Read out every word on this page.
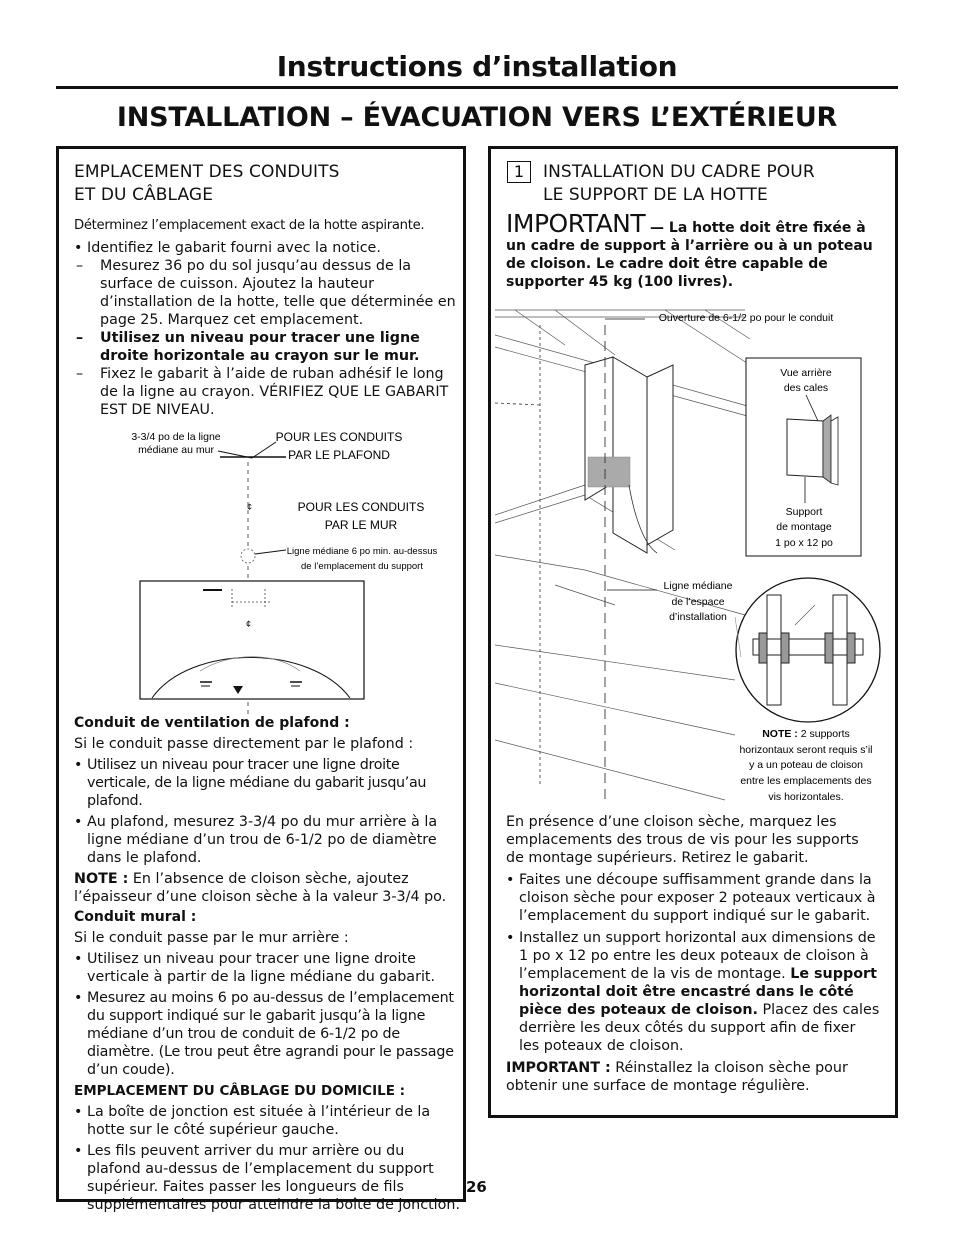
Instructions d’installation
INSTALLATION – ÉVACUATION VERS L’EXTÉRIEUR
EMPLACEMENT DES CONDUITS
ET DU CÂBLAGE
Déterminez l’emplacement exact de la hotte aspirante.

• Identifiez le gabarit fourni avec la notice.

– Mesurez 36 po du sol jusqu’au dessus de la surface de cuisson. Ajoutez la hauteur d’installation de la hotte, telle que déterminée en page 25. Marquez cet emplacement.

– Utilisez un niveau pour tracer une ligne droite horizontale au crayon sur le mur.

– Fixez le gabarit à l’aide de ruban adhésif le long de la ligne au crayon. VÉRIFIEZ QUE LE GABARIT EST DE NIVEAU.

3-3/4 po de la ligne
médiane au mur
POUR LES CONDUITS
PAR LE PLAFOND
¢	POUR LES CONDUITS
PAR LE MUR
Ligne médiane 6 po min. au-dessus
de l’emplacement du support
¢

Conduit de ventilation de plafond :

Si le conduit passe directement par le plafond :

• Utilisez un niveau pour tracer une ligne droite verticale, de la ligne médiane du gabarit jusqu’au plafond.

• Au plafond, mesurez 3-3/4 po du mur arrière à la ligne médiane d’un trou de 6-1/2 po de diamètre dans le plafond.

NOTE : En l’absence de cloison sèche, ajoutez l’épaisseur d’une cloison sèche à la valeur 3-3/4 po.

Conduit mural :

Si le conduit passe par le mur arrière :

• Utilisez un niveau pour tracer une ligne droite verticale à partir de la ligne médiane du gabarit.

• Mesurez au moins 6 po au-dessus de l’emplacement du support indiqué sur le gabarit jusqu’à la ligne médiane d’un trou de conduit de 6-1/2 po de diamètre. (Le trou peut être agrandi pour le passage d’un coude).

EMPLACEMENT DU CÂBLAGE DU DOMICILE :

• La boîte de jonction est située à l’intérieur de la hotte sur le côté supérieur gauche.

• Les fils peuvent arriver du mur arrière ou du plafond au-dessus de l’emplacement du support supérieur. Faites passer les longueurs de fils supplémentaires pour atteindre la boîte de jonction.

1	INSTALLATION DU CADRE POUR
LE SUPPORT DE LA HOTTE
IMPORTANT — La hotte doit être fixée à un cadre de support à l’arrière ou à un poteau de cloison. Le cadre doit être capable de supporter 45 kg (100 livres).
Ouverture de 6-1/2 po pour le conduit
Vue arrière
des cales
Support
de montage
1 po x 12 po
Ligne médiane
de l’espace
d’installation
NOTE : 2 supports
horizontaux seront requis s’il
y a un poteau de cloison
entre les emplacements des
vis horizontales.

En présence d’une cloison sèche, marquez les emplacements des trous de vis pour les supports de montage supérieurs. Retirez le gabarit.

• Faites une découpe suffisamment grande dans la cloison sèche pour exposer 2 poteaux verticaux à l’emplacement du support indiqué sur le gabarit.

• Installez un support horizontal aux dimensions de 1 po x 12 po entre les deux poteaux de cloison à l’emplacement de la vis de montage. Le support horizontal doit être encastré dans le côté pièce des poteaux de cloison. Placez des cales derrière les deux côtés du support afin de fixer les poteaux de cloison.

IMPORTANT : Réinstallez la cloison sèche pour obtenir une surface de montage régulière.

26
